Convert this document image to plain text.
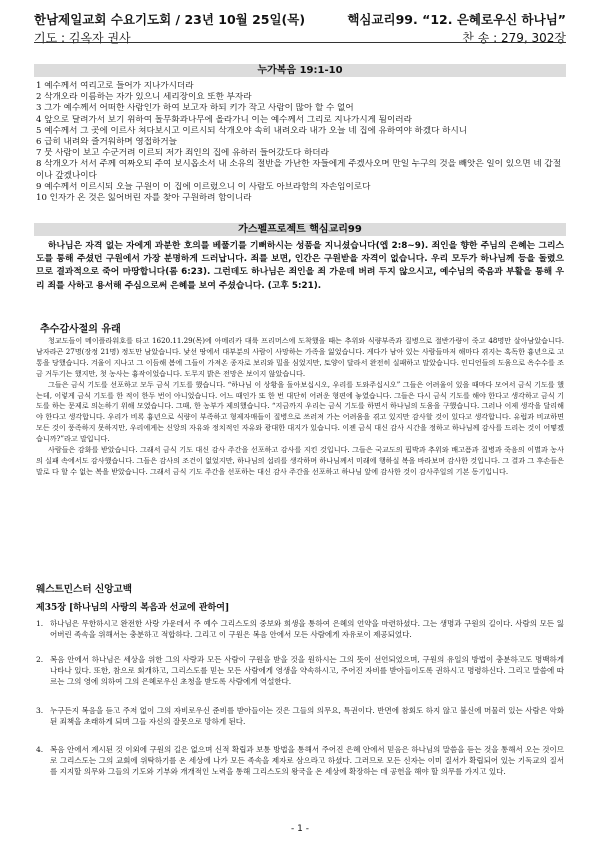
한남제일교회 수요기도회 / 23년 10월 25일(목)	핵심교리99. “12. 은혜로우신 하나님”
기도 : 김옥자 권사	찬 송 : 279, 302장
누가복음 19:1-10
1 예수께서 여리고로 들어가 지나가시더라
2 삭개오라 이름하는 자가 있으니 세리장이요 또한 부자라
3 그가 예수께서 어떠한 사람인가 하여 보고자 하되 키가 작고 사람이 많아 할 수 없어
4 앞으로 달려가서 보기 위하여 돌무화과나무에 올라가니 이는 예수께서 그리로 지나가시게 됨이러라
5 예수께서 그 곳에 이르사 쳐다보시고 이르시되 삭개오야 속히 내려오라 내가 오늘 네 집에 유하여야 하겠다 하시니
6 급히 내려와 즐거워하며 영접하거늘
7 뭇 사람이 보고 수군거려 이르되 저가 죄인의 집에 유하러 들어갔도다 하더라
8 삭개오가 서서 주께 여짜오되 주여 보시옵소서 내 소유의 절반을 가난한 자들에게 주겠사오며 만일 누구의 것을 빼앗은 일이 있으면 네 갑절이나 갚겠나이다
9 예수께서 이르시되 오늘 구원이 이 집에 이르렀으니 이 사람도 아브라함의 자손임이로다
10 인자가 온 것은 잃어버린 자를 찾아 구원하려 함이니라
가스펠프로젝트 핵심교리99
하나님은 자격 없는 자에게 과분한 호의를 베풀기를 기뻐하시는 성품을 지니셨습니다(엡 2:8~9). 죄인을 향한 주님의 은혜는 그리스도를 통해 주셨던 구원에서 가장 분명하게 드러납니다. 죄를 보면, 인간은 구원받을 자격이 없습니다. 우리 모두가 하나님께 등을 돌렸으므로 결과적으로 죽어 마땅합니다(롬 6:23). 그런데도 하나님은 죄인을 죄 가운데 버려 두지 않으시고, 예수님의 죽음과 부활을 통해 우리 죄를 사하고 용서해 주심으로써 은혜를 보여 주셨습니다. (고후 5:21).
추수감사절의 유래

청교도들이 메이플라워호를 타고 1620.11.29(목)에 아메리카 대륙 프리머스에 도착했을 때는 추위와 식량부족과 질병으로 절반가량이 죽고 48명만 살아남았습니다. 남자라곤 27명(장정 21명) 정도만 남았습니다. 낯선 땅에서 대부분의 사람이 사망하는 가족을 잃었습니다. 게다가 남아 있는 사람들마저 해마다 겪지는 혹독한 흉년으로 고통을 당했습니다. 겨울이 지나고 그 이듬해 봄에 그들이 가져온 종자로 보리와 밀을 심었지만, 토양이 달라서 완전히 실패하고 말았습니다. 인디언들의 도움으로 옥수수를 조금 거두기는 했지만, 첫 농사는 흉작이었습니다. 도무지 밝은 전망은 보이지 않았습니다.

그들은 금식 기도를 선포하고 모두 금식 기도를 했습니다. “하나님 이 상황을 돌아보십시오, 우리를 도와주십시오” 그들은 어려울이 있을 때마다 모여서 금식 기도를 했는데, 이렇게 금식 기도를 한 적이 한두 번이 아니었습니다. 어느 때인가 또 한 번 대단히 어려운 형편에 놓였습니다. 그들은 다시 금식 기도를 해야 한다고 생각하고 금식 기도를 하는 문제로 의논하기 위해 모였습니다. 그때, 한 농부가 제의했습니다. “지금까지 우리는 금식 기도를 하면서 하나님의 도움을 구했습니다. 그러나 이제 생각을 달리해야 한다고 생각합니다. 우리가 비록 흉년으로 식량이 부족하고 형제자매들이 질병으로 쓰러져 가는 어려움을 겪고 있지만 감사할 것이 있다고 생각합니다. 유럽과 비교하면 모든 것이 풍족하지 못하지만, 우리에게는 신앙의 자유와 정치적인 자유와 광대한 대지가 있습니다. 이젠 금식 대신 감사 시간을 정하고 하나님께 감사를 드리는 것이 어떻겠습니까?”라고 말입니다.

사람들은 감화를 받았습니다. 그래서 금식 기도 대신 감사 주간을 선포하고 감사를 지킨 것입니다. 그들은 국교도의 핍박과 추위와 배고픔과 질병과 죽음의 이별과 농사의 실패 속에서도 감사했습니다. 그들은 감사의 조건이 없었지만, 하나님의 섭리를 생각하며 하나님께서 미래에 행하실 복을 바라보며 감사한 것입니다. 그 결과 그 후손들은 말로 다 할 수 없는 복을 받았습니다. 그래서 금식 기도 주간을 선포하는 대신 감사 주간을 선포하고 하나님 앞에 감사한 것이 감사주일의 기본 동기입니다.

웨스트민스터 신앙고백
제35장 [하나님의 사랑의 복음과 선교에 관하여]
1. 하나님은 무한하시고 완전한 사랑 가운데서 주 예수 그리스도의 중보와 희생을 통하여 은혜의 언약을 마련하셨다. 그는 생명과 구원의 길이다. 사람의 모든 잃어버린 족속을 위해서는 충분하고 적합하다. 그리고 이 구원은 복음 안에서 모든 사람에게 자유로이 제공되었다.
2. 복음 안에서 하나님은 세상을 위한 그의 사랑과 모든 사람이 구원을 받을 것을 원하시는 그의 뜻이 선언되었으며, 구원의 유일의 방법이 충분하고도 명백하게 나타나 있다. 또한, 참으로 회개하고, 그리스도를 믿는 모든 사람에게 영생을 약속하시고, 주어진 자비를 받아들이도록 권하시고 명령하신다. 그리고 말씀에 따르는 그의 영에 의하여 그의 은혜로우신 초청을 받도록 사람에게 역설한다.
3. 누구든지 복음을 듣고 주저 없이 그의 자비로우신 준비를 받아들이는 것은 그들의 의무요, 특권이다. 반면에 참회도 하지 않고 불신에 머물러 있는 사람은 악화된 죄책을 초래하게 되며 그들 자신의 잘못으로 망하게 된다.
4. 복음 안에서 계시된 것 이외에 구원의 길은 없으며 신적 확립과 보통 방법을 통해서 주어진 은혜 안에서 믿음은 하나님의 말씀을 듣는 것을 통해서 오는 것이므로 그리스도는 그의 교회에 위탁하기를 온 세상에 나가 모든 족속을 제자로 삼으라고 하셨다. 그러므로 모든 신자는 이미 질서가 확립되어 있는 기독교의 질서를 지지할 의무와 그들의 기도와 기부와 개개적인 노력을 통해 그리스도의 왕국을 온 세상에 확장하는 데 공헌을 해야 할 의무를 가지고 있다.
- 1 -
